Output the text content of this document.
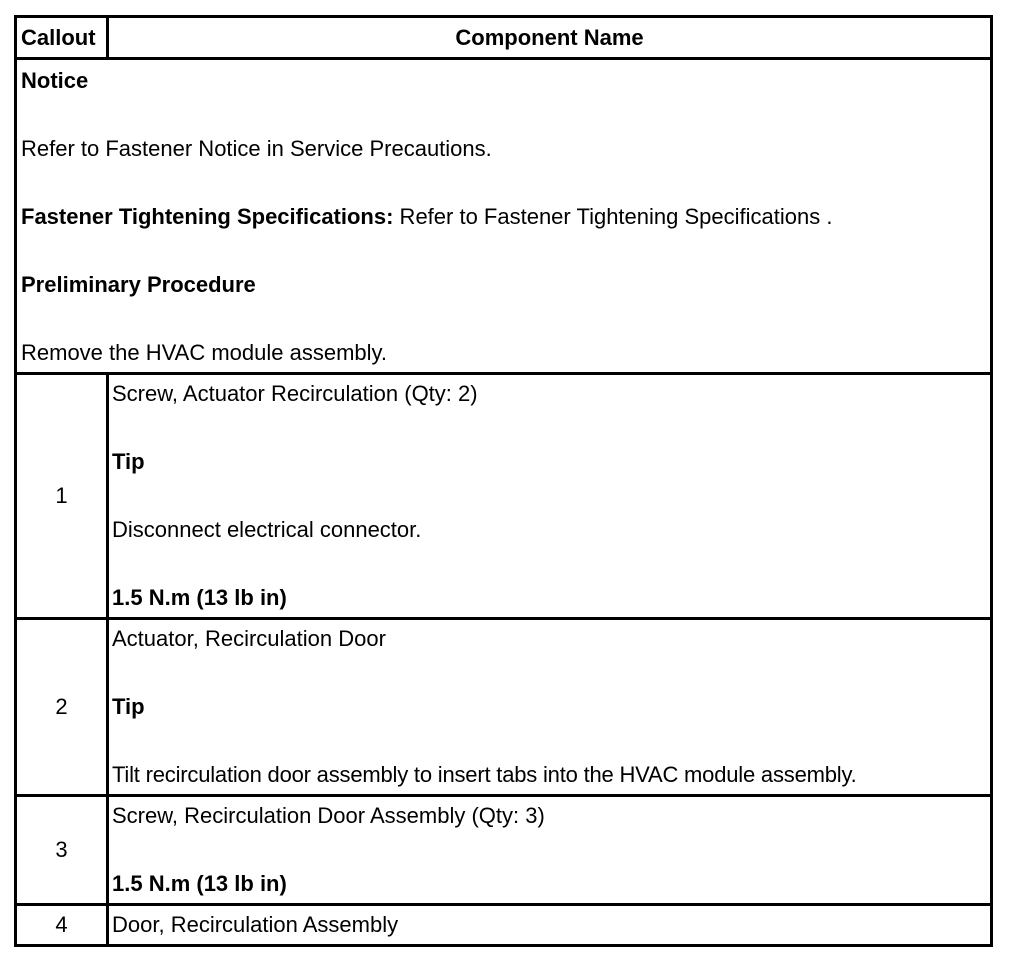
Callout	Component Name

Notice
Refer to Fastener Notice in Service Precautions.
Fastener Tightening Specifications: Refer to Fastener Tightening Specifications .
Preliminary Procedure
Remove the HVAC module assembly.	

1	Screw, Actuator Recirculation (Qty: 2)
Tip
Disconnect electrical connector.
1.5 N.m (13 lb in)

2	Actuator, Recirculation Door
Tip
Tilt recirculation door assembly to insert tabs into the HVAC module assembly.

3	Screw, Recirculation Door Assembly (Qty: 3)
1.5 N.m (13 lb in)

4	Door, Recirculation Assembly
